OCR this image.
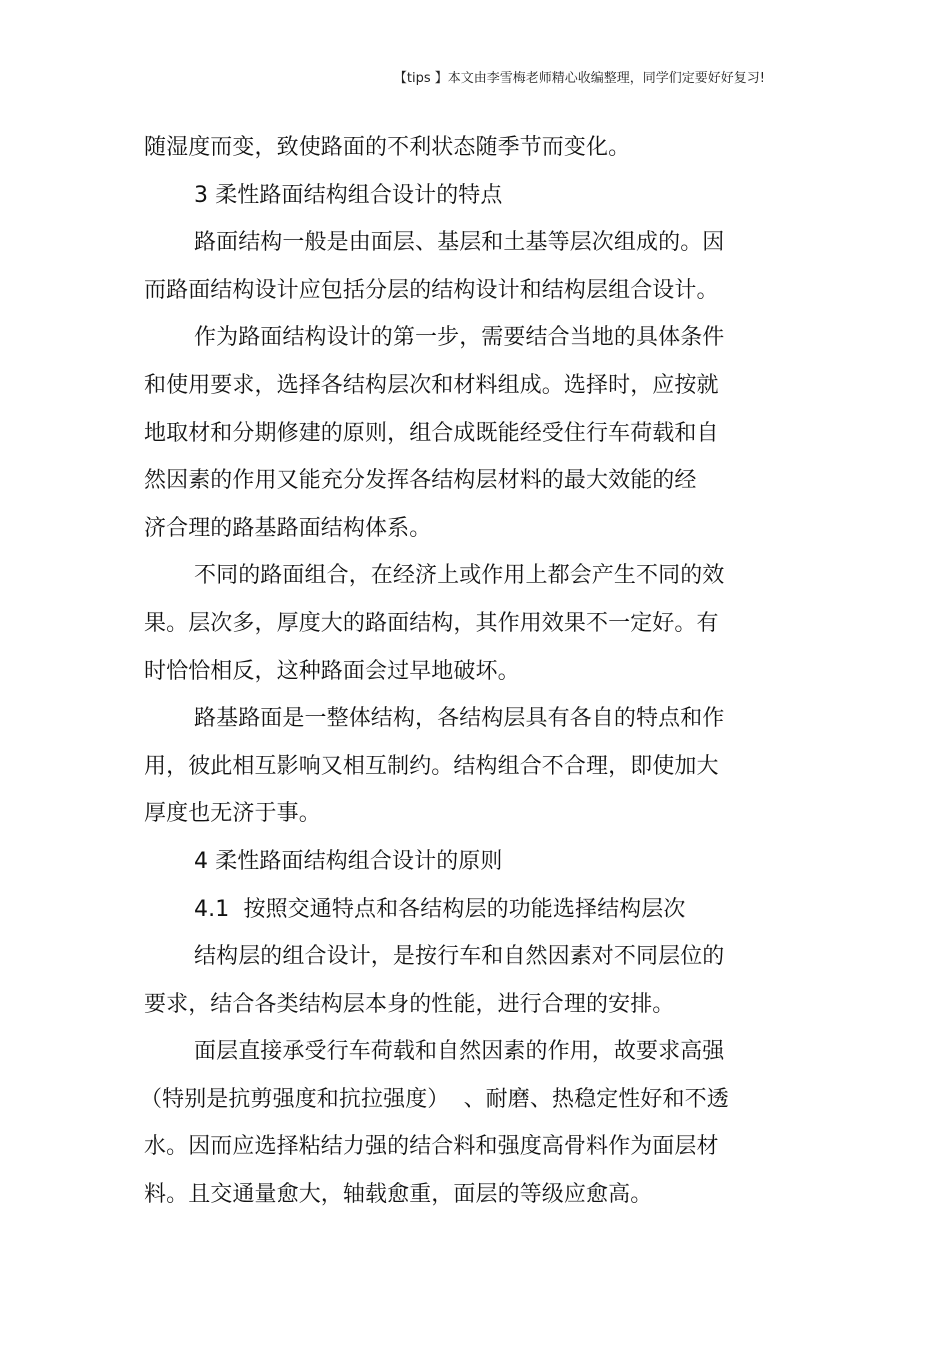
【tips 】本文由李雪梅老师精心收编整理，同学们定要好好复习!
随湿度而变，致使路面的不利状态随季节而变化。
3 柔性路面结构组合设计的特点
路面结构一般是由面层、基层和土基等层次组成的。因
而路面结构设计应包括分层的结构设计和结构层组合设计。
作为路面结构设计的第一步，需要结合当地的具体条件
和使用要求，选择各结构层次和材料组成。选择时，应按就
地取材和分期修建的原则，组合成既能经受住行车荷载和自
然因素的作用又能充分发挥各结构层材料的最大效能的经
济合理的路基路面结构体系。
不同的路面组合，在经济上或作用上都会产生不同的效
果。层次多，厚度大的路面结构，其作用效果不一定好。有
时恰恰相反，这种路面会过早地破坏。
路基路面是一整体结构，各结构层具有各自的特点和作
用，彼此相互影响又相互制约。结构组合不合理，即使加大
厚度也无济于事。
4 柔性路面结构组合设计的原则
4.1  按照交通特点和各结构层的功能选择结构层次
结构层的组合设计，是按行车和自然因素对不同层位的
要求，结合各类结构层本身的性能，进行合理的安排。
面层直接承受行车荷载和自然因素的作用，故要求高强
（特别是抗剪强度和抗拉强度）  、耐磨、热稳定性好和不透
水。因而应选择粘结力强的结合料和强度高骨料作为面层材
料。且交通量愈大，轴载愈重，面层的等级应愈高。
